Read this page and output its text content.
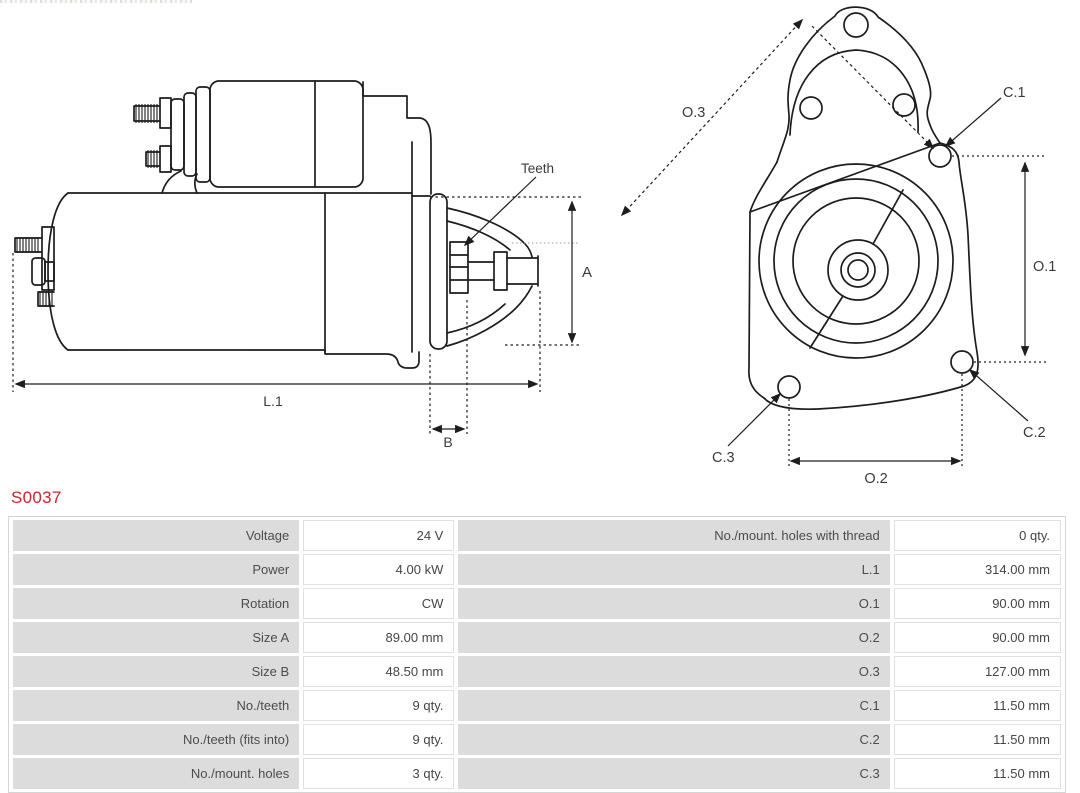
Teeth
A
L.1
B
O.3
C.1
O.1
C.2
C.3
O.2
S0037
Voltage	24 V	No./mount. holes with thread	0 qty.
Power	4.00 kW	L.1	314.00 mm
Rotation	CW	O.1	90.00 mm
Size A	89.00 mm	O.2	90.00 mm
Size B	48.50 mm	O.3	127.00 mm
No./teeth	9 qty.	C.1	11.50 mm
No./teeth (fits into)	9 qty.	C.2	11.50 mm
No./mount. holes	3 qty.	C.3	11.50 mm
